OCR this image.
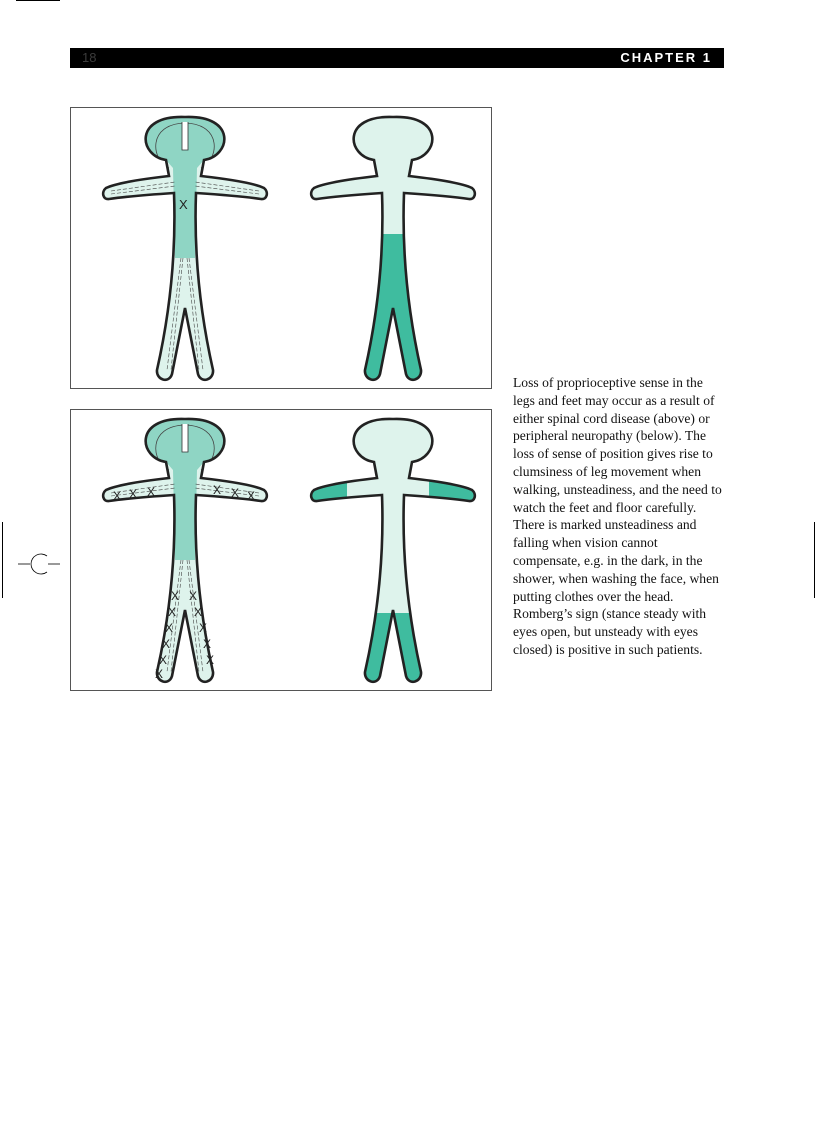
18	CHAPTER 1
X
X X X	X X X
X
X
X
X
X
X
X
X
X
X
X
Loss of proprioceptive sense in the legs and feet may occur as a result of either spinal cord disease (above) or peripheral neuropathy (below). The loss of sense of position gives rise to clumsiness of leg movement when walking, unsteadiness, and the need to watch the feet and floor carefully. There is marked unsteadiness and falling when vision cannot compensate, e.g. in the dark, in the shower, when washing the face, when putting clothes over the head. Romberg’s sign (stance steady with eyes open, but unsteady with eyes closed) is positive in such patients.
